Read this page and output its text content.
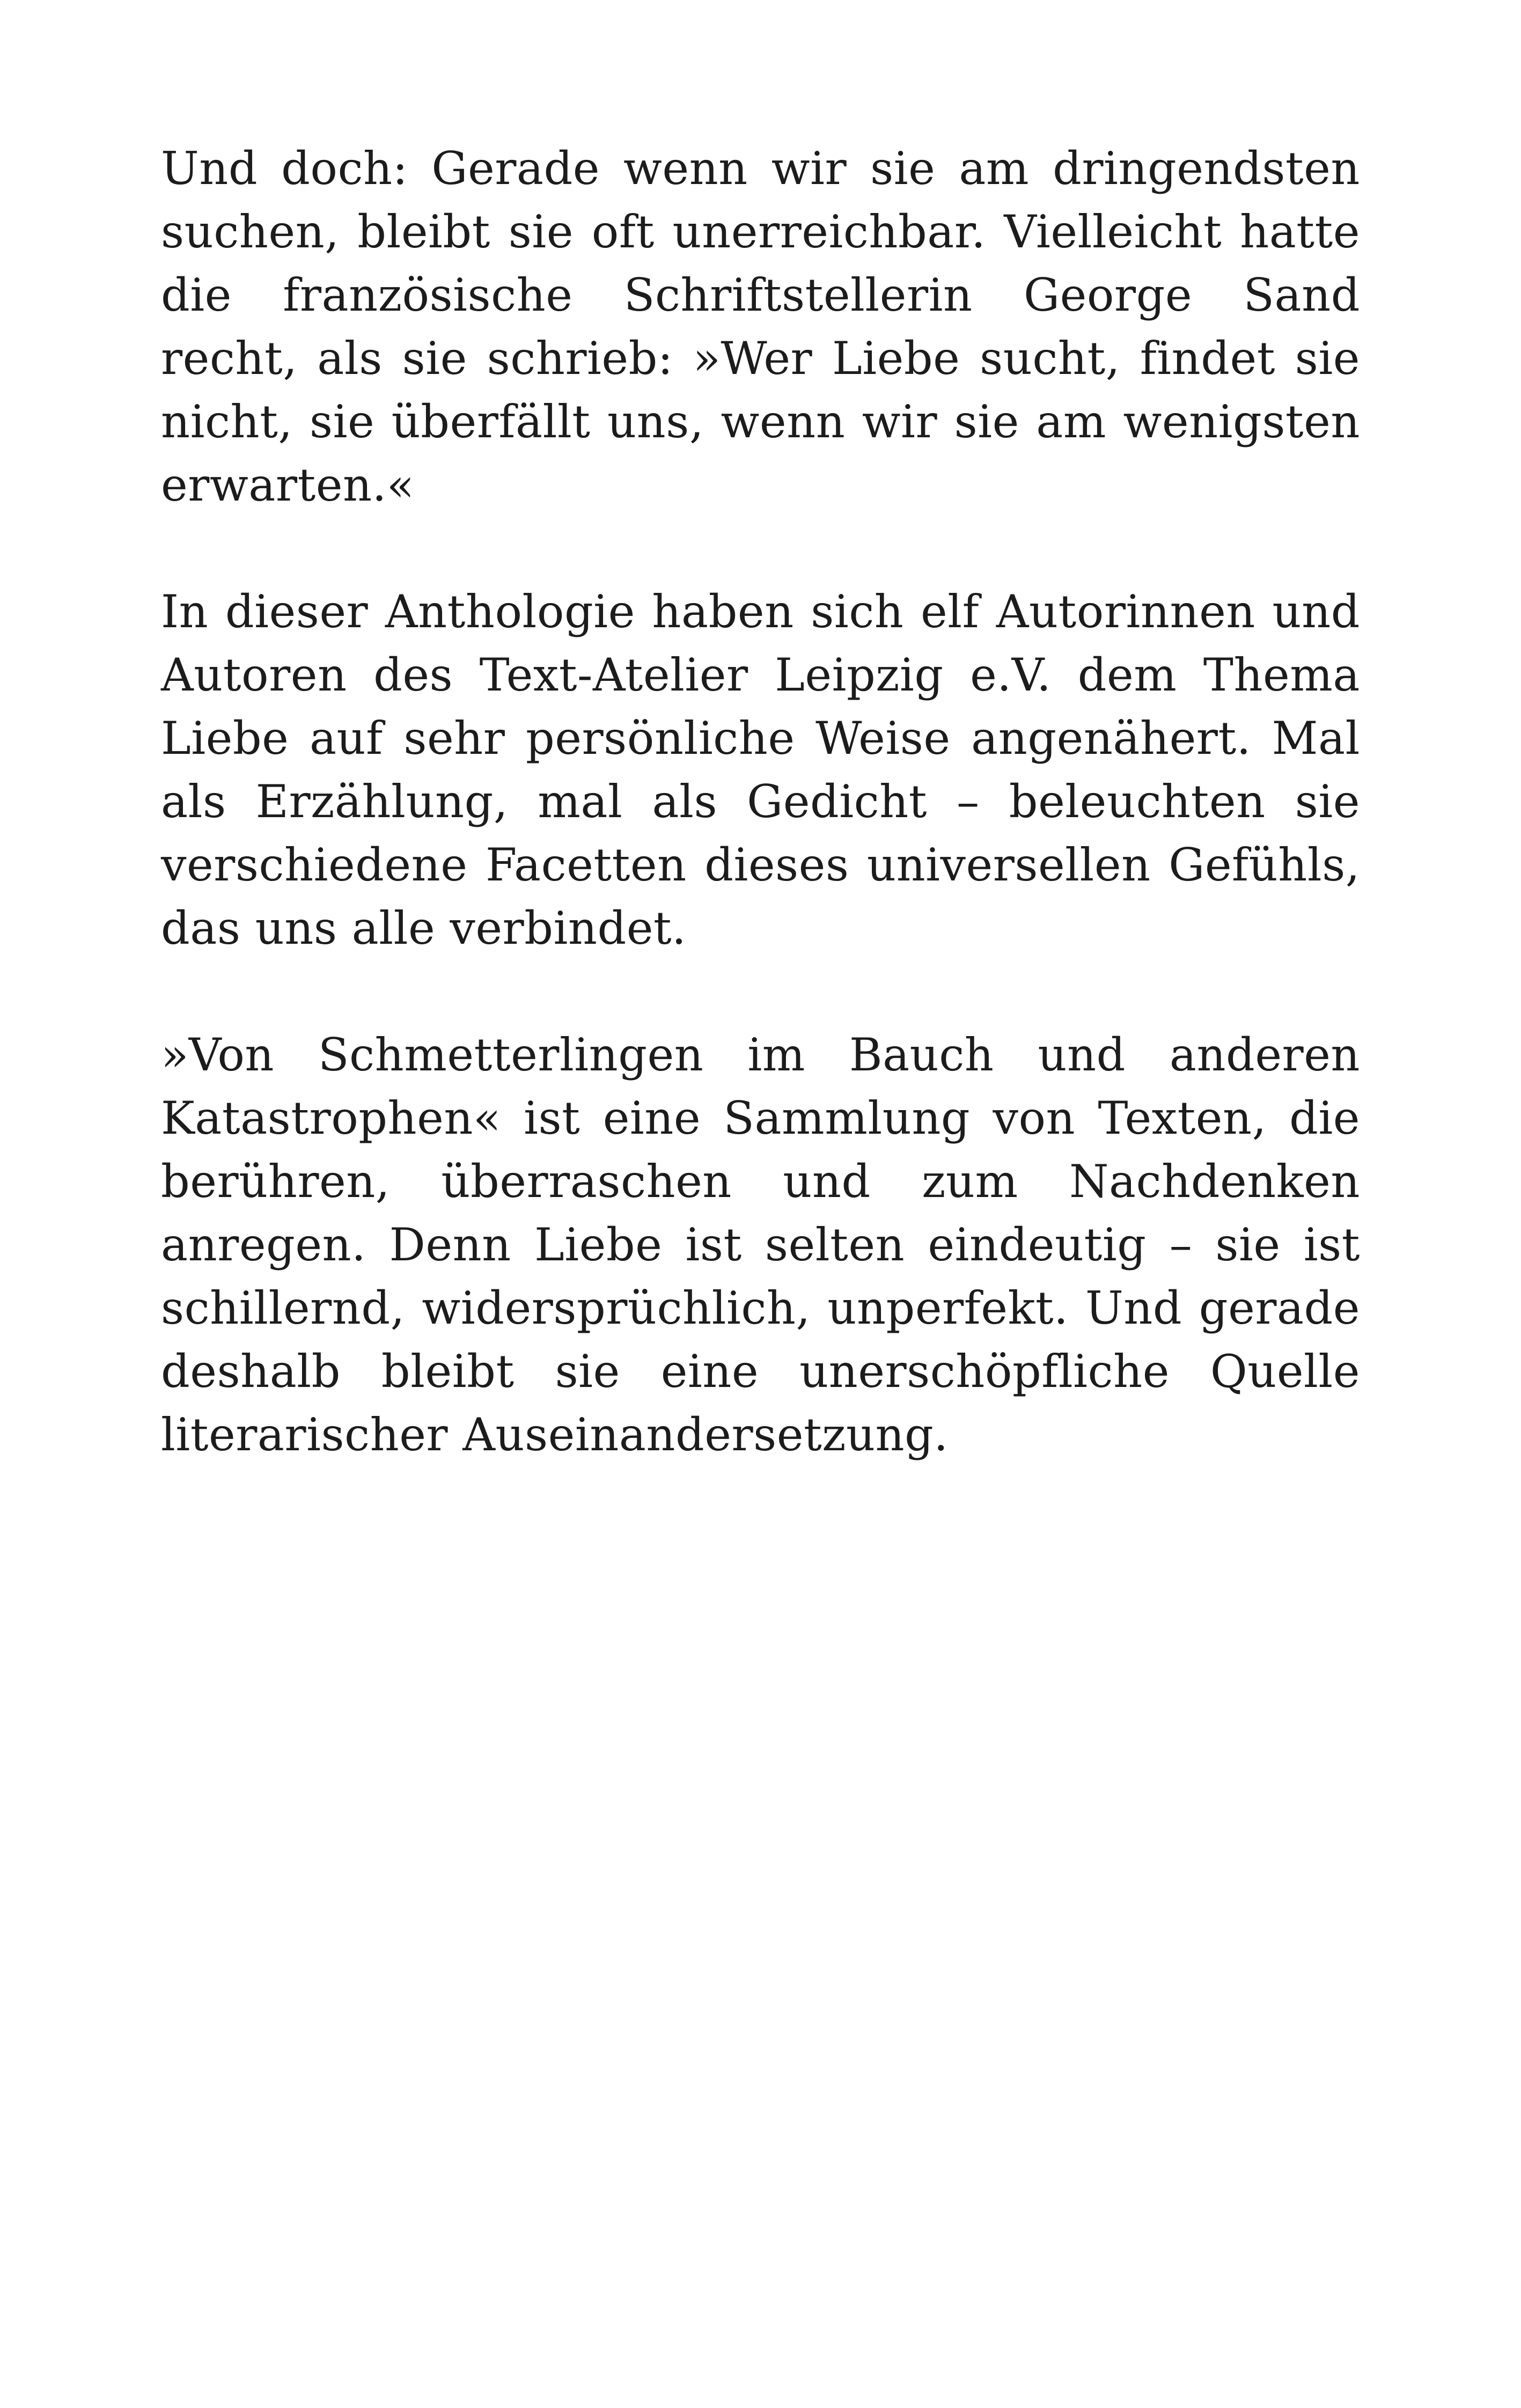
Und doch: Gerade wenn wir sie am dringendsten suchen, bleibt sie oft unerreichbar. Vielleicht hatte die französische Schriftstellerin George Sand recht, als sie schrieb: »Wer Liebe sucht, findet sie nicht, sie überfällt uns, wenn wir sie am wenigsten erwarten.«

In dieser Anthologie haben sich elf Autorinnen und Autoren des Text-Atelier Leipzig e.V. dem Thema Liebe auf sehr persönliche Weise angenähert. Mal als Erzählung, mal als Gedicht – beleuchten sie verschiedene Facetten dieses universellen Gefühls, das uns alle verbindet.

»Von Schmetterlingen im Bauch und anderen Katastrophen« ist eine Sammlung von Texten, die berühren, überraschen und zum Nachdenken anregen. Denn Liebe ist selten eindeutig – sie ist schillernd, widersprüchlich, unperfekt. Und gerade deshalb bleibt sie eine unerschöpfliche Quelle literarischer Auseinandersetzung.
